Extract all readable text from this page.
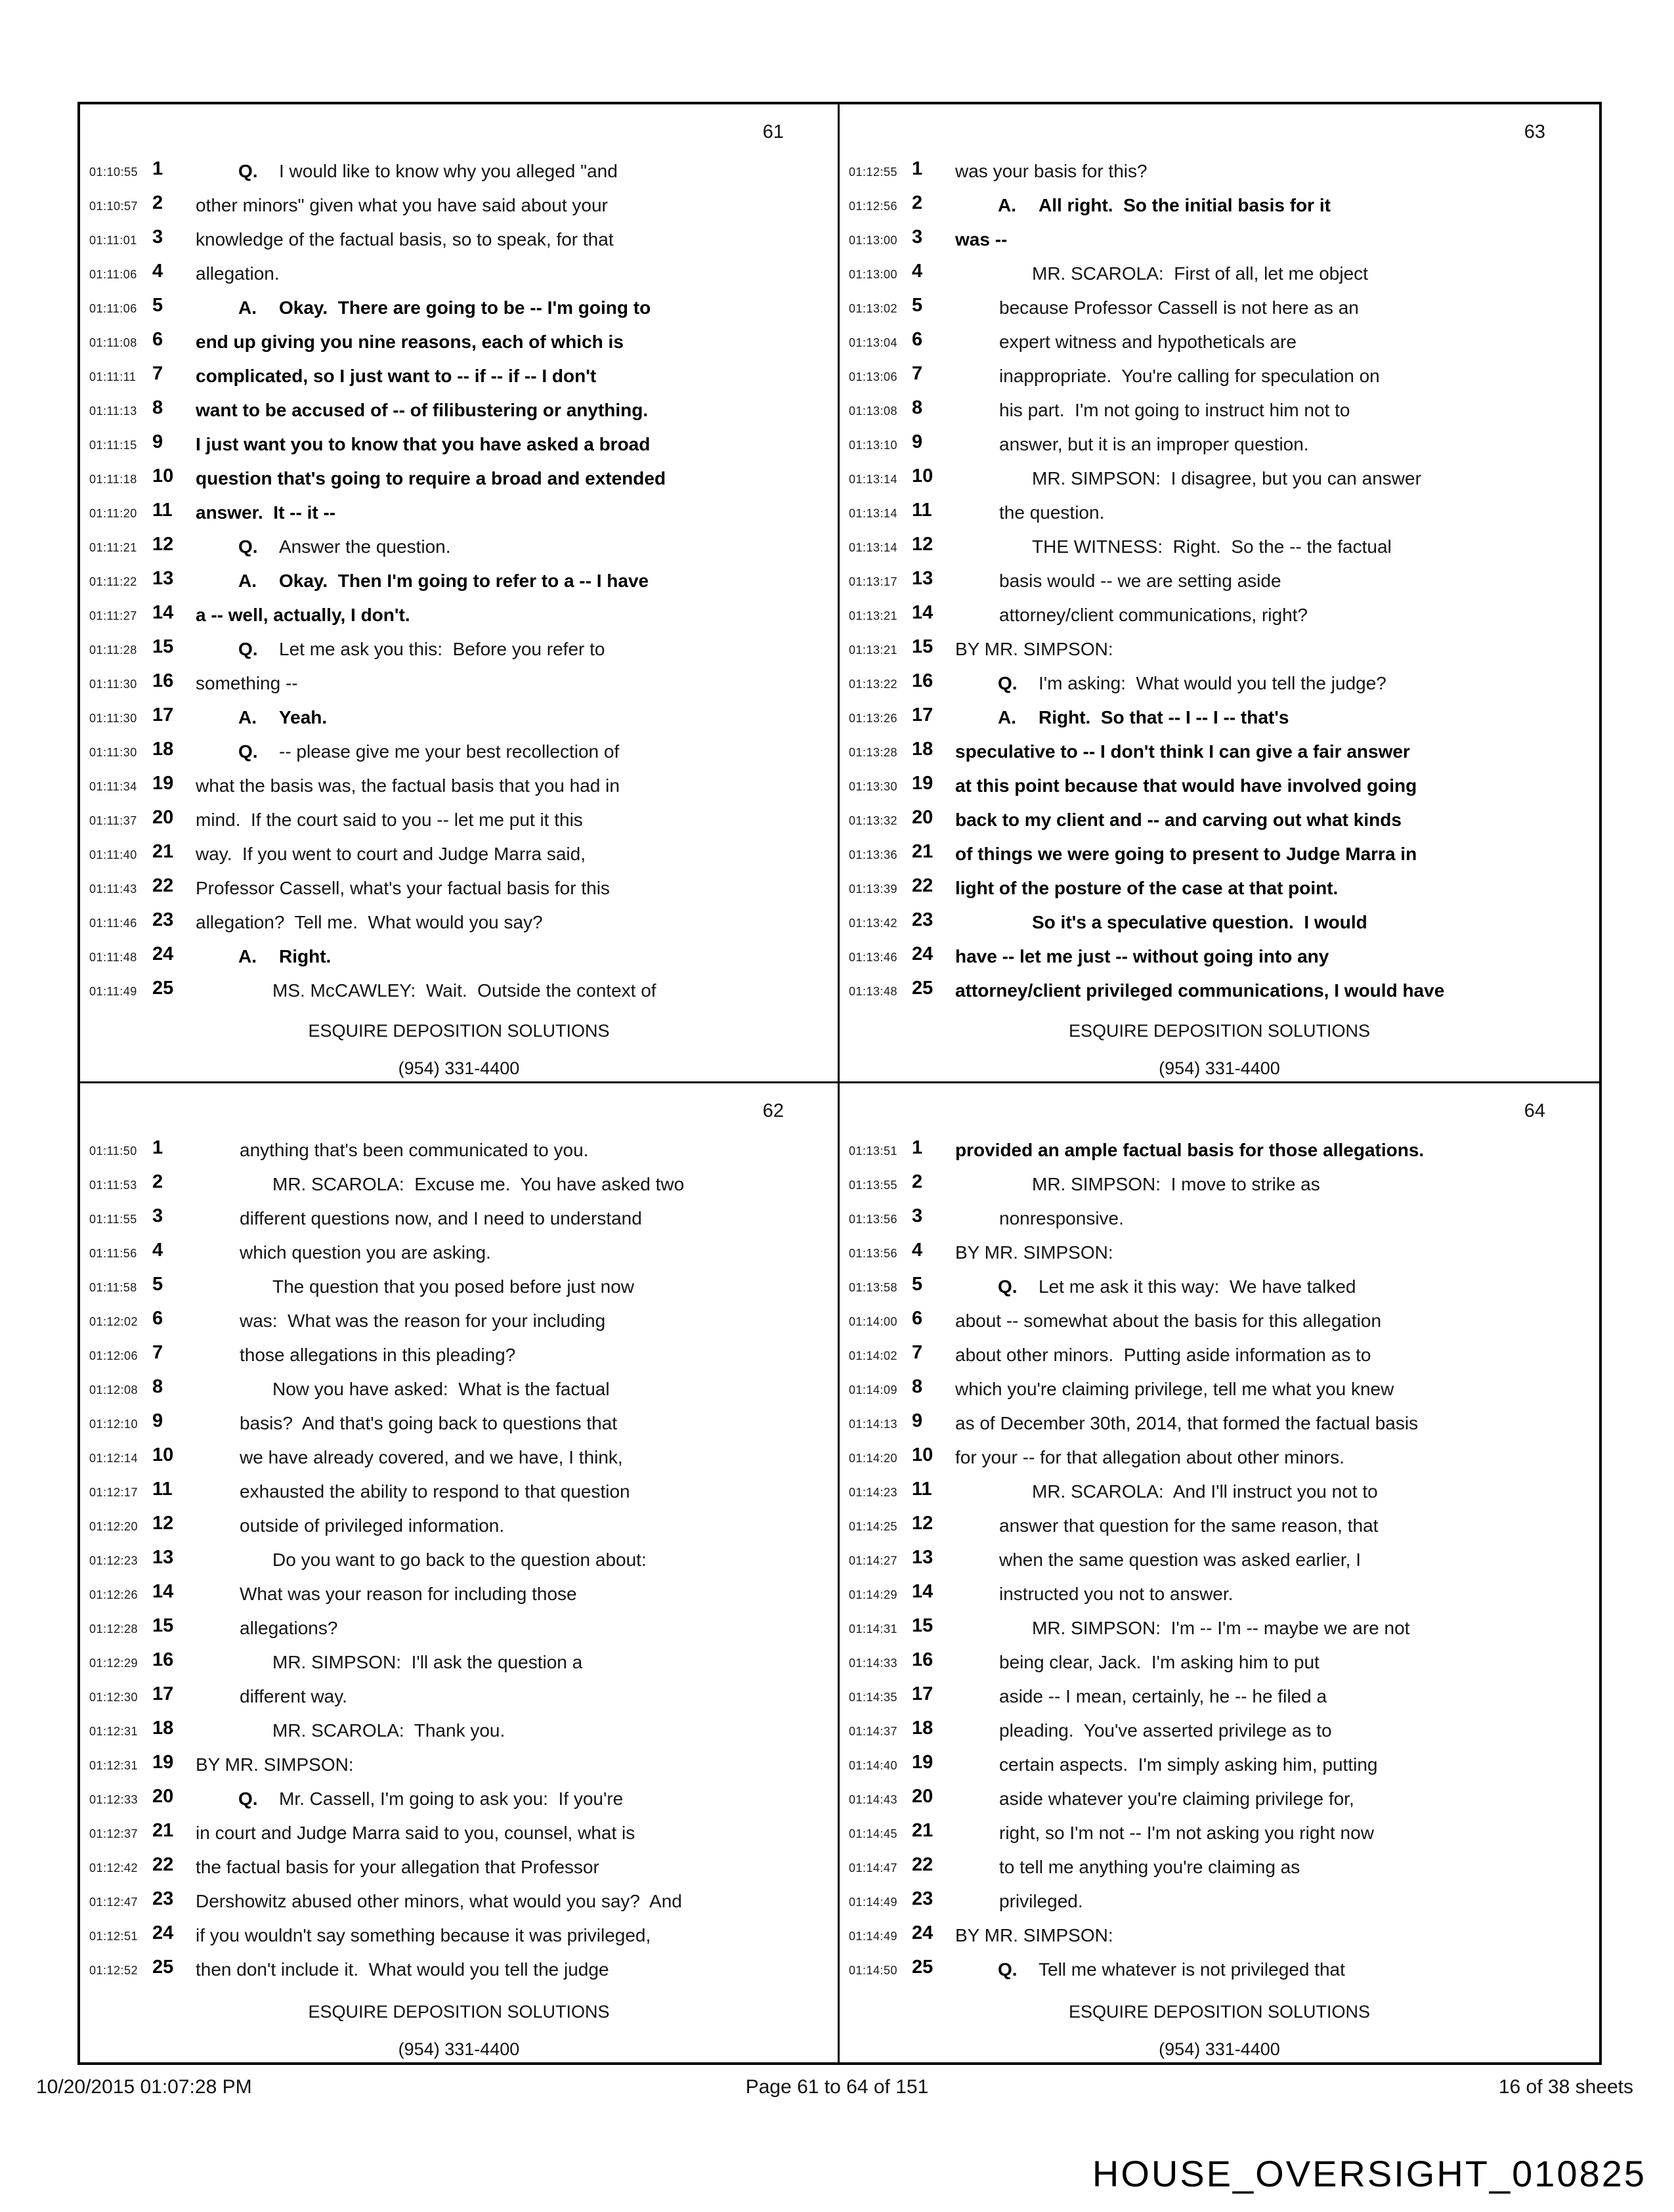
61
01:10:55 1	Q. I would like to know why you alleged "and
01:10:57 2 other minors" given what you have said about your
01:11:01 3 knowledge of the factual basis, so to speak, for that
01:11:06 4 allegation.
01:11:06 5	A. Okay.  There are going to be -- I'm going to
01:11:08 6 end up giving you nine reasons, each of which is
01:11:11 7 complicated, so I just want to -- if -- if -- I don't
01:11:13 8 want to be accused of -- of filibustering or anything.
01:11:15 9 I just want you to know that you have asked a broad
01:11:18 10 question that's going to require a broad and extended
01:11:20 11 answer.  It -- it --
01:11:21 12	Q. Answer the question.
01:11:22 13	A. Okay.  Then I'm going to refer to a -- I have
01:11:27 14 a -- well, actually, I don't.
01:11:28 15	Q. Let me ask you this:  Before you refer to
01:11:30 16 something --
01:11:30 17	A. Yeah.
01:11:30 18	Q. -- please give me your best recollection of
01:11:34 19 what the basis was, the factual basis that you had in
01:11:37 20 mind.  If the court said to you -- let me put it this
01:11:40 21 way.  If you went to court and Judge Marra said,
01:11:43 22 Professor Cassell, what's your factual basis for this
01:11:46 23 allegation?  Tell me.  What would you say?
01:11:48 24	A. Right.
01:11:49 25	MS. McCAWLEY:  Wait.  Outside the context of
ESQUIRE DEPOSITION SOLUTIONS
(954) 331-4400
63
01:12:55 1 was your basis for this?
01:12:56 2	A. All right.  So the initial basis for it
01:13:00 3 was --
01:13:00 4	MR. SCAROLA:  First of all, let me object
01:13:02 5	because Professor Cassell is not here as an
01:13:04 6	expert witness and hypotheticals are
01:13:06 7	inappropriate.  You're calling for speculation on
01:13:08 8	his part.  I'm not going to instruct him not to
01:13:10 9	answer, but it is an improper question.
01:13:14 10	MR. SIMPSON:  I disagree, but you can answer
01:13:14 11	the question.
01:13:14 12	THE WITNESS:  Right.  So the -- the factual
01:13:17 13	basis would -- we are setting aside
01:13:21 14	attorney/client communications, right?
01:13:21 15 BY MR. SIMPSON:
01:13:22 16	Q. I'm asking:  What would you tell the judge?
01:13:26 17	A. Right.  So that -- I -- I -- that's
01:13:28 18 speculative to -- I don't think I can give a fair answer
01:13:30 19 at this point because that would have involved going
01:13:32 20 back to my client and -- and carving out what kinds
01:13:36 21 of things we were going to present to Judge Marra in
01:13:39 22 light of the posture of the case at that point.
01:13:42 23	So it's a speculative question.  I would
01:13:46 24 have -- let me just -- without going into any
01:13:48 25 attorney/client privileged communications, I would have
ESQUIRE DEPOSITION SOLUTIONS
(954) 331-4400
62
01:11:50 1	anything that's been communicated to you.
01:11:53 2	MR. SCAROLA:  Excuse me.  You have asked two
01:11:55 3	different questions now, and I need to understand
01:11:56 4	which question you are asking.
01:11:58 5	The question that you posed before just now
01:12:02 6	was:  What was the reason for your including
01:12:06 7	those allegations in this pleading?
01:12:08 8	Now you have asked:  What is the factual
01:12:10 9	basis?  And that's going back to questions that
01:12:14 10	we have already covered, and we have, I think,
01:12:17 11	exhausted the ability to respond to that question
01:12:20 12	outside of privileged information.
01:12:23 13	Do you want to go back to the question about:
01:12:26 14	What was your reason for including those
01:12:28 15	allegations?
01:12:29 16	MR. SIMPSON:  I'll ask the question a
01:12:30 17	different way.
01:12:31 18	MR. SCAROLA:  Thank you.
01:12:31 19 BY MR. SIMPSON:
01:12:33 20	Q. Mr. Cassell, I'm going to ask you:  If you're
01:12:37 21 in court and Judge Marra said to you, counsel, what is
01:12:42 22 the factual basis for your allegation that Professor
01:12:47 23 Dershowitz abused other minors, what would you say?  And
01:12:51 24 if you wouldn't say something because it was privileged,
01:12:52 25 then don't include it.  What would you tell the judge
ESQUIRE DEPOSITION SOLUTIONS
(954) 331-4400
64
01:13:51 1 provided an ample factual basis for those allegations.
01:13:55 2	MR. SIMPSON:  I move to strike as
01:13:56 3	nonresponsive.
01:13:56 4 BY MR. SIMPSON:
01:13:58 5	Q. Let me ask it this way:  We have talked
01:14:00 6 about -- somewhat about the basis for this allegation
01:14:02 7 about other minors.  Putting aside information as to
01:14:09 8 which you're claiming privilege, tell me what you knew
01:14:13 9 as of December 30th, 2014, that formed the factual basis
01:14:20 10 for your -- for that allegation about other minors.
01:14:23 11	MR. SCAROLA:  And I'll instruct you not to
01:14:25 12	answer that question for the same reason, that
01:14:27 13	when the same question was asked earlier, I
01:14:29 14	instructed you not to answer.
01:14:31 15	MR. SIMPSON:  I'm -- I'm -- maybe we are not
01:14:33 16	being clear, Jack.  I'm asking him to put
01:14:35 17	aside -- I mean, certainly, he -- he filed a
01:14:37 18	pleading.  You've asserted privilege as to
01:14:40 19	certain aspects.  I'm simply asking him, putting
01:14:43 20	aside whatever you're claiming privilege for,
01:14:45 21	right, so I'm not -- I'm not asking you right now
01:14:47 22	to tell me anything you're claiming as
01:14:49 23	privileged.
01:14:49 24 BY MR. SIMPSON:
01:14:50 25	Q. Tell me whatever is not privileged that
ESQUIRE DEPOSITION SOLUTIONS
(954) 331-4400
10/20/2015 01:07:28 PM	Page 61 to 64 of 151	16 of 38 sheets
HOUSE_OVERSIGHT_010825
